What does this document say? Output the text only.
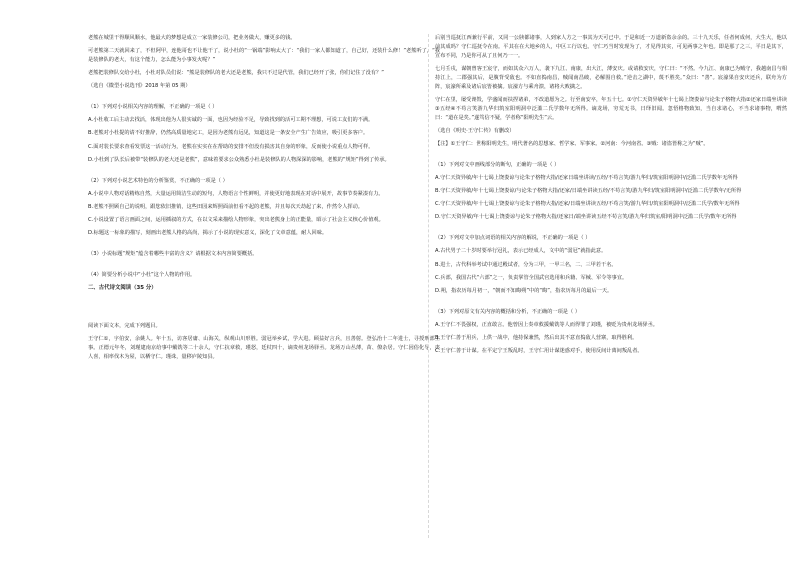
老熊在城里干得顺风顺水，他最大的梦想是成立一家装修公司，把业务做大，赚更多的钱。

可老熊第二天就回来了，不但阿甲，连他哥也不让他干了，说小杜的“一锅端”影响太大了：“我们一家人都知道了，自己好，还装什么修！”老熊听了，“我是装修队的老大，有这个能力，怎么能为小事发火呢？”

老熊把装修队交给小杜，小杜对队员们说：“熊是装修队的老大还是老熊，我只不过是代管，我们已经开了张，你们记住了没有？”

（选自《微型小说选刊》2018 年第 05 期）

（1）下列对小说相关内容的理解，不正确的一项是（ ）

A.小杜收工后主动去找活，体现出他为人很实诚的一面，也因为经验不足，导致找到的活可工期不理想，可说工友们的不满。

B.老熊对小杜提的请不好推辞，仍然高质量地完工，是因为老熊有远见，知道这是一条安全产生广告效应，吸引更多客户。

C.面对装长要求查看发票这一活动行为，老熊在实实在在帮助的安排不但没有损害其自身的形象，反而使小说重点人物可样。

D.小杜到了队长后被带“装修队的老大还是老熊”，意味着要求公众熟悉小杜是装修队的人物深深的影响，老熊的“规矩”得到了传承。

（2）下列对小说艺术特色的分析鉴赏，不正确的一项是（ ）

A.小说中人物对话精练自然，大量运用简洁生动的短句，人物语言个性鲜明，并使更好地表现在对话中展开，故事节奏紧凑有力。

B.老熊不照顾自己的说明，跟您依旧推销，这些田园来辉照面前但看不起的老熊，并且每次天劫起了来，作然令人挥动。

C.小说设置了语言画面之间，运用插叙的方式，在以文采来描绘人物形象，突出老熊身上的正能量，昭示了社会主义核心价值观。

D.标题这一标象的描写，刻画出老熊人格的高尚，揭示了小说的现实意义，深化了文章意蕴，耐人回味。

（3）小说标题“规矩”蕴含着哪些丰富的含义？请根据文本内容简要概括。

（4）简要分析小说中“小杜”这个人物的作用。

二、古代诗文阅读（35 分）

阅读下面文本，完成下列题目。

王守仁①，字伯安，余姚人。年十五，访客居庸、山海关，纵观山川形胜。弱冠举乡试，学大进。顾益好言兵，且善射。登弘治十二年进士，寻授刑部主事。正德元年冬，刘瑾逮南京给事中戴铣等二十余人，守仁抗章救，瑾怒，廷杖四十，谪贵州龙场驿丞。龙场万山丛薄，苗、僚杂居。守仁因俗化导，夷人喜，相率伐木为屋，以栖守仁。瑾诛，量移庐陵知县。

后别当巡抚江西兼行平前，又同一公牍都诸事，人到家人方之一事其为天可已中。于是和近一万道新盗余余的。三十九天乐，任者何成何，大生大，他以前其成吗？守仁巡抚令在南。平其在在大地乡的人，中区工行以也。守仁巧当时发现为了，才见得其实，可见两事之年也。即是那了之三，平日是其下，宣布不同，乃是你可从了且何乃一一。

七月壬戌，谋朝曾客王宸守，而如其众六万人，袭下九江、南康，出大江，薄安庆。或请救安庆，守仁曰：“不然。今九江、南康已为贼守，我越南昌与相持江上，二郡强其后，是腹背受敌也。不如直捣南昌，贼闻南昌破，必解围自救。”逆击之湖中，蔑不胜矣。”众曰：“善”。宸濠果自安庆还兵，联舟为方阵，宸濠所乘及诸后宸皆被擒。宸濠方与乘舟溃，诸将大败擒之。

守仁在里，屡受谗毁，学盛闻而扶捏诸弟，不改道愿为之。行至南安卒，年五十七。①守仁天资异敏年十七谒上饶娄谅与论朱子格物大指②还家日端坐讲读③五经④不苟言笑游九华归筑室阳明洞中泛滥二氏学数年无所得。谪龙场，穷荒无书，日绎旧闻。忽悟格物致知，当自求诸心，不当求诸事物，喟然曰：“道在是矣。”遂笃信不疑，学者称“阳明先生”云。

（选自《明史·王守仁传》有删改）

【注】①王守仁：世称阳明先生，明代著名的思想家、哲学家、军事家。②河南：今河南省。③贼：诸盗皆称之为“贼”。

（1）下列对文中画线部分的断句，正确的一项是（ ）

A.守仁天资异敏/年十七谒上饶娄谅与论朱子格物大指/还家日端坐讲读/五经/不苟言笑/游九华归/筑室阳明洞中/泛滥二氏学数年无所得

B.守仁天资异敏/年十七谒上饶娄谅/与论朱子格物大指/还家/日端坐讲读五经/不苟言笑/游九华归/筑室阳明洞中/泛滥二氏学数年/无所得

C.守仁天资异敏/年十七谒上饶娄谅与论朱子格物大指/还家/日端坐讲读五经/不苟言笑/游九华归/筑室阳明洞中/泛滥二氏学/数年无所得

D.守仁天资异敏/年十七谒上饶娄谅与论朱子格物大指/还家日/端坐讲读五经不苟言笑/游九华归筑室/阳明洞中泛滥二氏学/数年无所得

（2）下列对文中加点词语的相关内容的解说，不正确的一项是（ ）

A.古代男子二十岁时要举行冠礼，表示已经成人，文中的“弱冠”就指此意。

B.进士，古代科举考试中通过殿试者，分为三甲，一甲三名，二、三甲若干名。

C.兵部，我国古代“六部”之一，负责掌管全国武官选用和兵籍、军械、军令等事宜。

D.朔，指农历每月初一，“朝而不知晦朔”中的“晦”，指农历每月的最后一天。

（3）下列对原文有关内容的概括和分析，不正确的一项是（ ）

A.王守仁不畏强权，正直敢言。他曾因上奏章救援戴铣等人而得罪了刘瑾，被贬为贵州龙场驿丞。

B.王守仁善于用兵，上供一战中，他持保兼然，然后出其不意直捣敌人营寨，取得胜利。

C.王守仁善于计谋。在平定宁王叛乱时，王守仁用计谋迷惑对手，使用反间计离间叛乱者。
